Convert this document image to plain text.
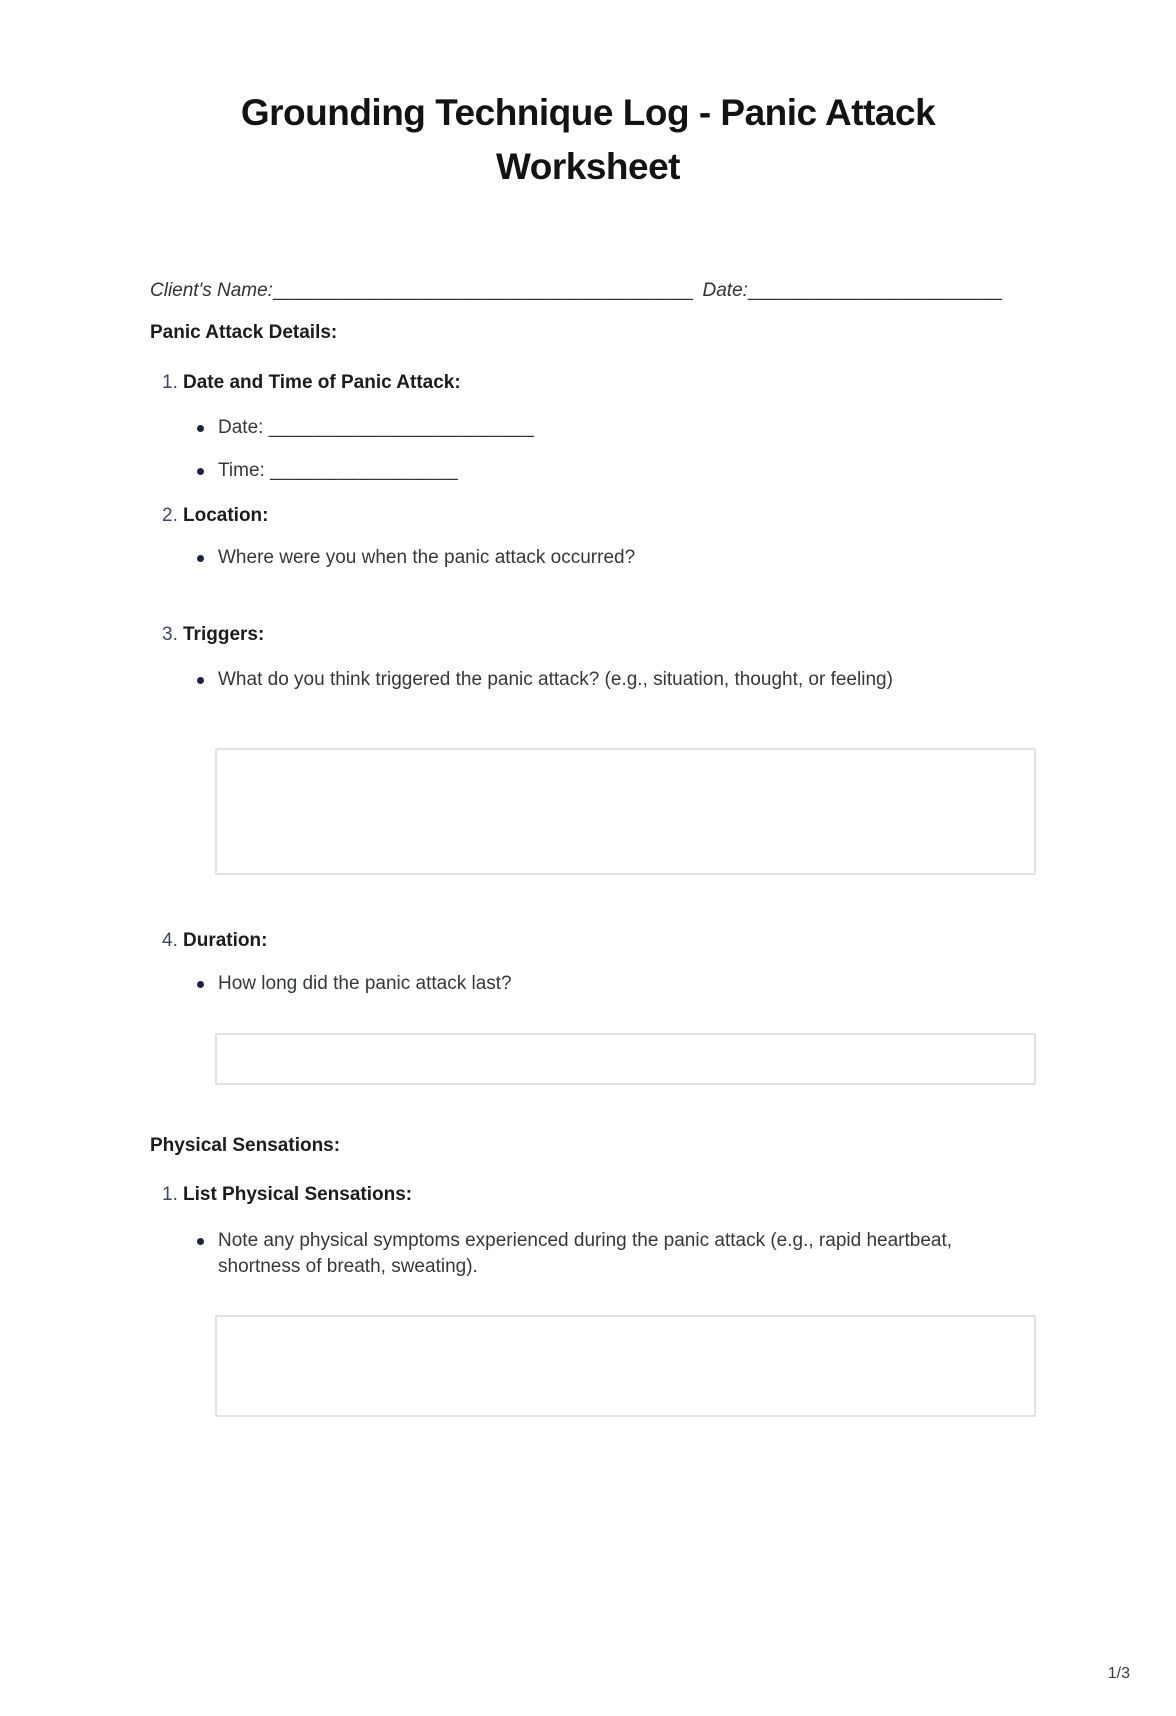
Grounding Technique Log - Panic Attack
Worksheet
Client's Name:______________________________________ Date:_______________________
Panic Attack Details:
1. Date and Time of Panic Attack:
Date: ________________________
Time: _________________
2. Location:
Where were you when the panic attack occurred?
3. Triggers:
What do you think triggered the panic attack? (e.g., situation, thought, or feeling)
4. Duration:
How long did the panic attack last?
Physical Sensations:
1. List Physical Sensations:
Note any physical symptoms experienced during the panic attack (e.g., rapid heartbeat, shortness of breath, sweating).
1/3
